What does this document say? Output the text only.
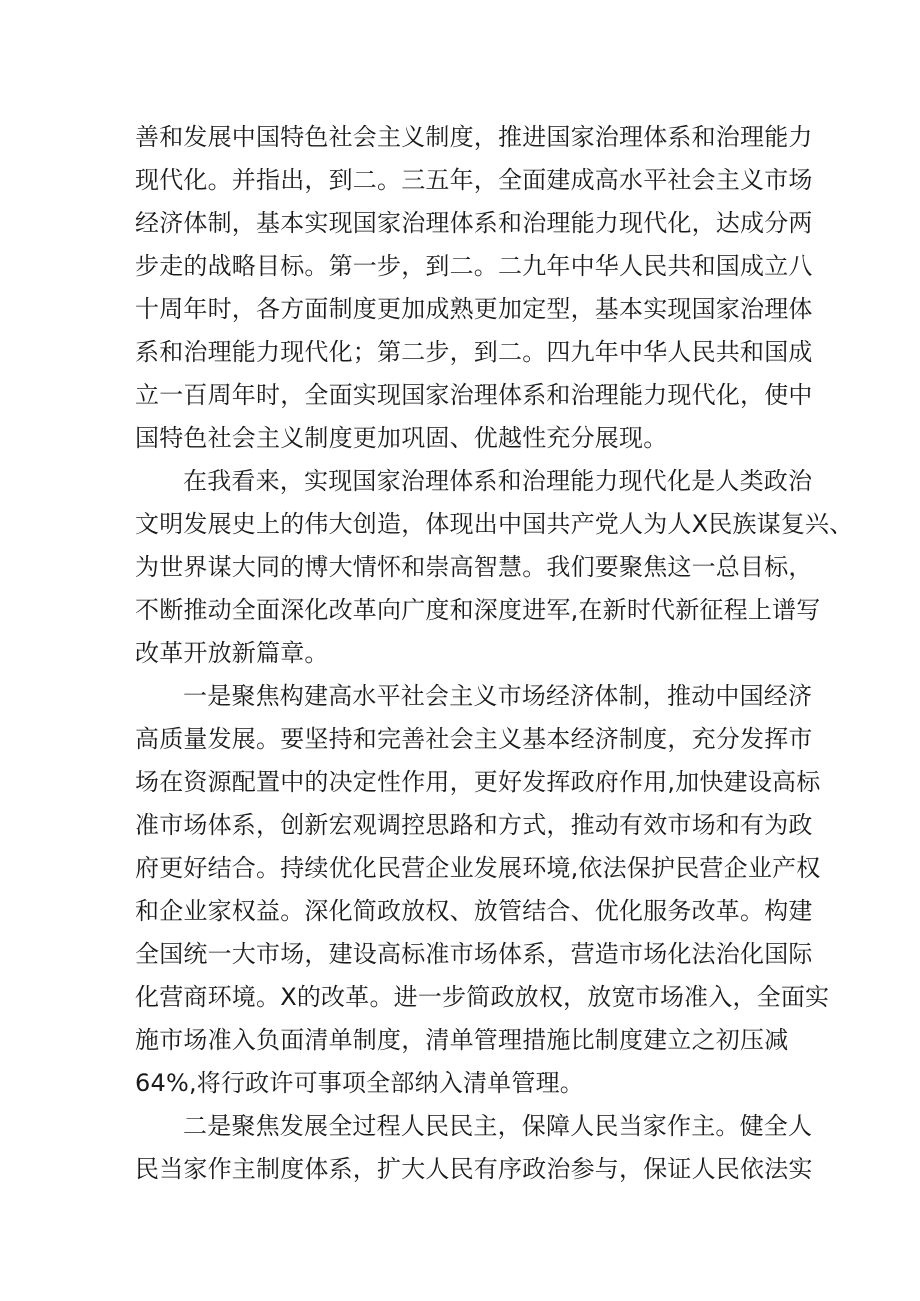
善和发展中国特色社会主义制度，推进国家治理体系和治理能力
现代化。并指出，到二。三五年，全面建成高水平社会主义市场
经济体制，基本实现国家治理体系和治理能力现代化，达成分两
步走的战略目标。第一步，到二。二九年中华人民共和国成立八
十周年时，各方面制度更加成熟更加定型，基本实现国家治理体
系和治理能力现代化；第二步，到二。四九年中华人民共和国成
立一百周年时，全面实现国家治理体系和治理能力现代化，使中
国特色社会主义制度更加巩固、优越性充分展现。
在我看来，实现国家治理体系和治理能力现代化是人类政治
文明发展史上的伟大创造，体现出中国共产党人为人X民族谋复兴、
为世界谋大同的博大情怀和崇高智慧。我们要聚焦这一总目标，
不断推动全面深化改革向广度和深度进军,在新时代新征程上谱写
改革开放新篇章。
一是聚焦构建高水平社会主义市场经济体制，推动中国经济
高质量发展。要坚持和完善社会主义基本经济制度，充分发挥市
场在资源配置中的决定性作用，更好发挥政府作用,加快建设高标
准市场体系，创新宏观调控思路和方式，推动有效市场和有为政
府更好结合。持续优化民营企业发展环境,依法保护民营企业产权
和企业家权益。深化简政放权、放管结合、优化服务改革。构建
全国统一大市场，建设高标准市场体系，营造市场化法治化国际
化营商环境。X的改革。进一步简政放权，放宽市场准入，全面实
施市场准入负面清单制度，清单管理措施比制度建立之初压减
64%,将行政许可事项全部纳入清单管理。
二是聚焦发展全过程人民民主，保障人民当家作主。健全人
民当家作主制度体系，扩大人民有序政治参与，保证人民依法实
